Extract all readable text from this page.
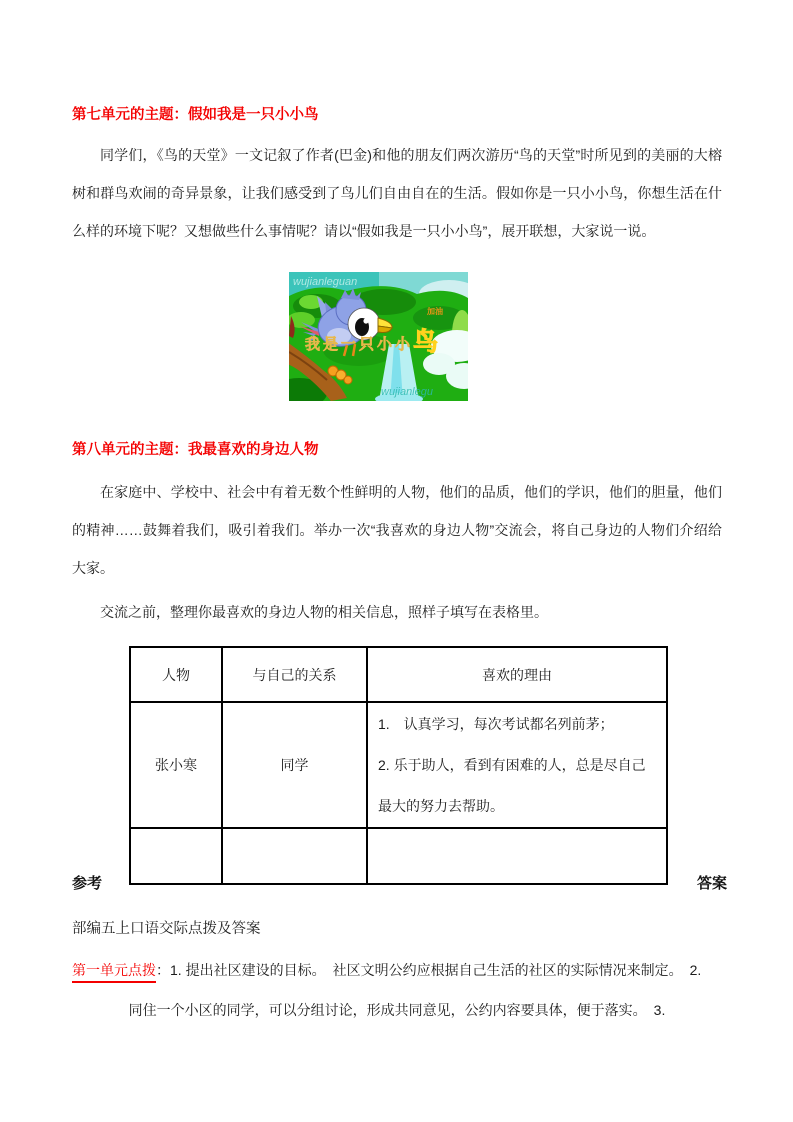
第七单元的主题：假如我是一只小小鸟
同学们，《鸟的天堂》一文记叙了作者(巴金)和他的朋友们两次游历“鸟的天堂”时所见到的美丽的大榕树和群鸟欢闹的奇异景象，让我们感受到了鸟儿们自由自在的生活。假如你是一只小小鸟，你想生活在什么样的环境下呢？又想做些什么事情呢？请以“假如我是一只小小鸟”，展开联想，大家说一说。
我是一只小小 鸟
wujianleguan
wujianlegu
加油
第八单元的主题：我最喜欢的身边人物
在家庭中、学校中、社会中有着无数个性鲜明的人物，他们的品质，他们的学识，他们的胆量，他们的精神……鼓舞着我们，吸引着我们。举办一次“我喜欢的身边人物”交流会，将自己身边的人物们介绍给大家。
交流之前，整理你最喜欢的身边人物的相关信息，照样子填写在表格里。
人物	与自己的关系	喜欢的理由
张小寒	同学	1.　认真学习，每次考试都名列前茅；
2. 乐于助人，看到有困难的人，总是尽自己最大的努力去帮助。

参考	答案
部编五上口语交际点拨及答案
第一单元点拨：1. 提出社区建设的目标。　社区文明公约应根据自己生活的社区的实际情况来制定。　2.
同住一个小区的同学，可以分组讨论，形成共同意见，公约内容要具体，便于落实。　3.
